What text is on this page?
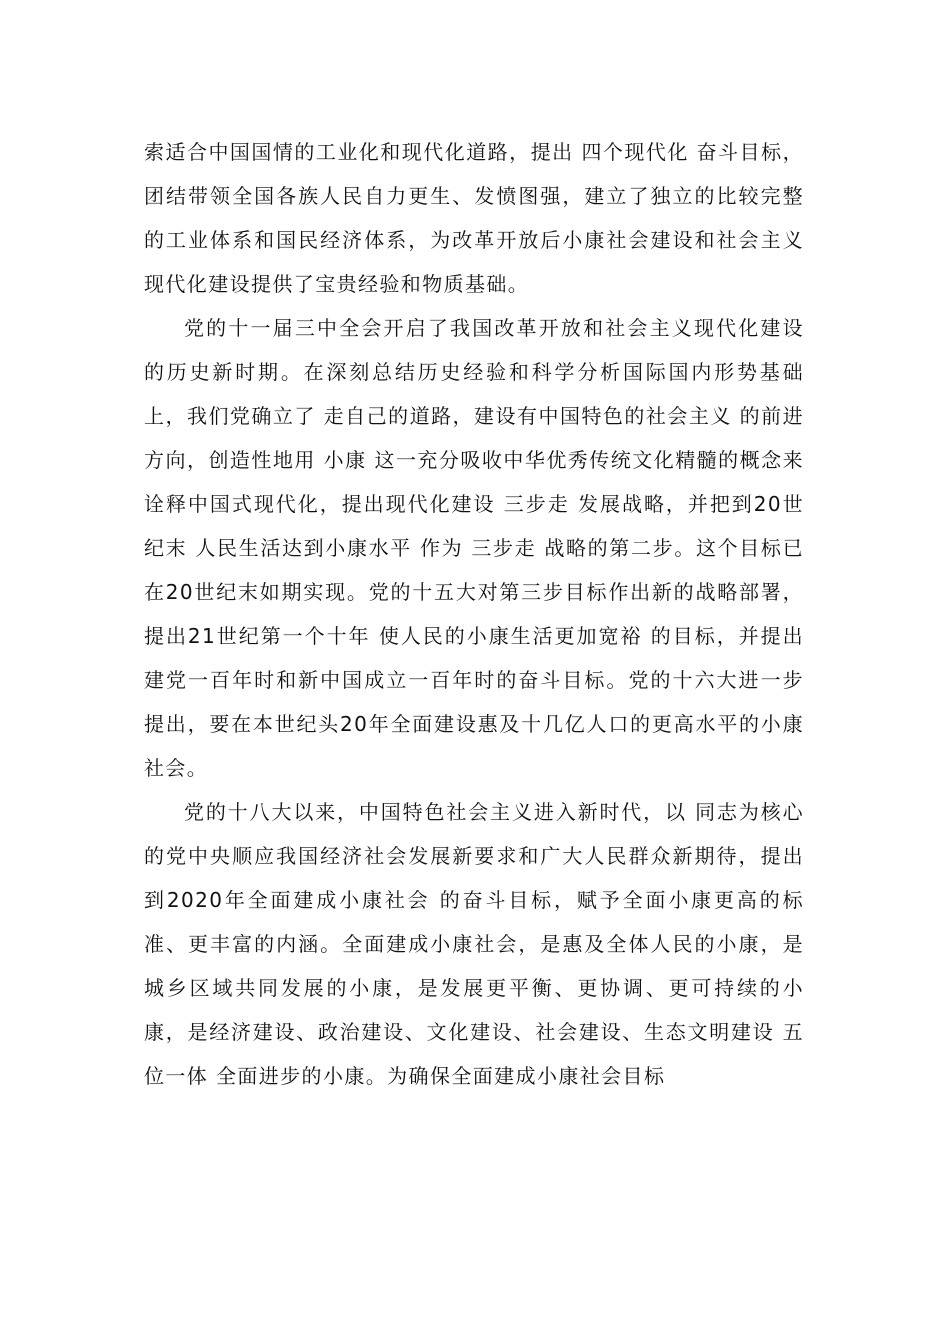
索适合中国国情的工业化和现代化道路，提出 四个现代化 奋斗目标，团结带领全国各族人民自力更生、发愤图强，建立了独立的比较完整的工业体系和国民经济体系，为改革开放后小康社会建设和社会主义现代化建设提供了宝贵经验和物质基础。

党的十一届三中全会开启了我国改革开放和社会主义现代化建设的历史新时期。在深刻总结历史经验和科学分析国际国内形势基础上，我们党确立了 走自己的道路，建设有中国特色的社会主义 的前进方向，创造性地用 小康 这一充分吸收中华优秀传统文化精髓的概念来诠释中国式现代化，提出现代化建设 三步走 发展战略，并把到20世纪末 人民生活达到小康水平 作为 三步走 战略的第二步。这个目标已在20世纪末如期实现。党的十五大对第三步目标作出新的战略部署，提出21世纪第一个十年 使人民的小康生活更加宽裕 的目标，并提出建党一百年时和新中国成立一百年时的奋斗目标。党的十六大进一步提出，要在本世纪头20年全面建设惠及十几亿人口的更高水平的小康社会。

党的十八大以来，中国特色社会主义进入新时代，以 同志为核心的党中央顺应我国经济社会发展新要求和广大人民群众新期待，提出 到2020年全面建成小康社会 的奋斗目标，赋予全面小康更高的标准、更丰富的内涵。全面建成小康社会，是惠及全体人民的小康，是城乡区域共同发展的小康，是发展更平衡、更协调、更可持续的小康，是经济建设、政治建设、文化建设、社会建设、生态文明建设 五位一体 全面进步的小康。为确保全面建成小康社会目标
